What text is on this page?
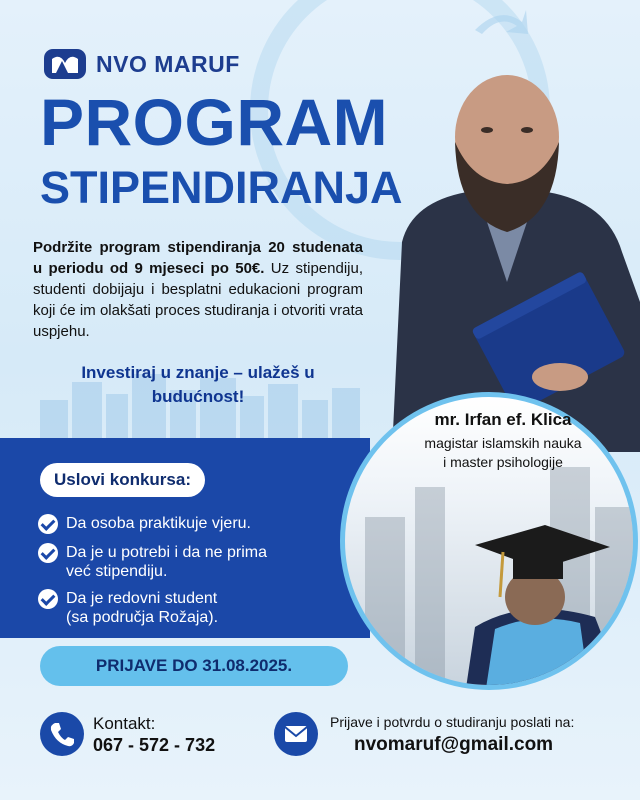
NVO MARUF
PROGRAM
STIPENDIRANJA
Podržite program stipendiranja 20 studenata u periodu od 9 mjeseci po 50€. Uz stipendiju, studenti dobijaju i besplatni edukacioni program koji će im olakšati proces studiranja i otvoriti vrata uspjehu.
Investiraj u znanje – ulažeš u
budućnost!
Uslovi konkursa:
Da osoba praktikuje vjeru.
Da je u potrebi i da ne prima
već stipendiju.
Da je redovni student
(sa područja Rožaja).
mr. Irfan ef. Klica
magistar islamskih nauka
i master psihologije
PRIJAVE DO 31.08.2025.
Kontakt:
067 - 572 - 732
Prijave i potvrdu o studiranju poslati na:
nvomaruf@gmail.com
